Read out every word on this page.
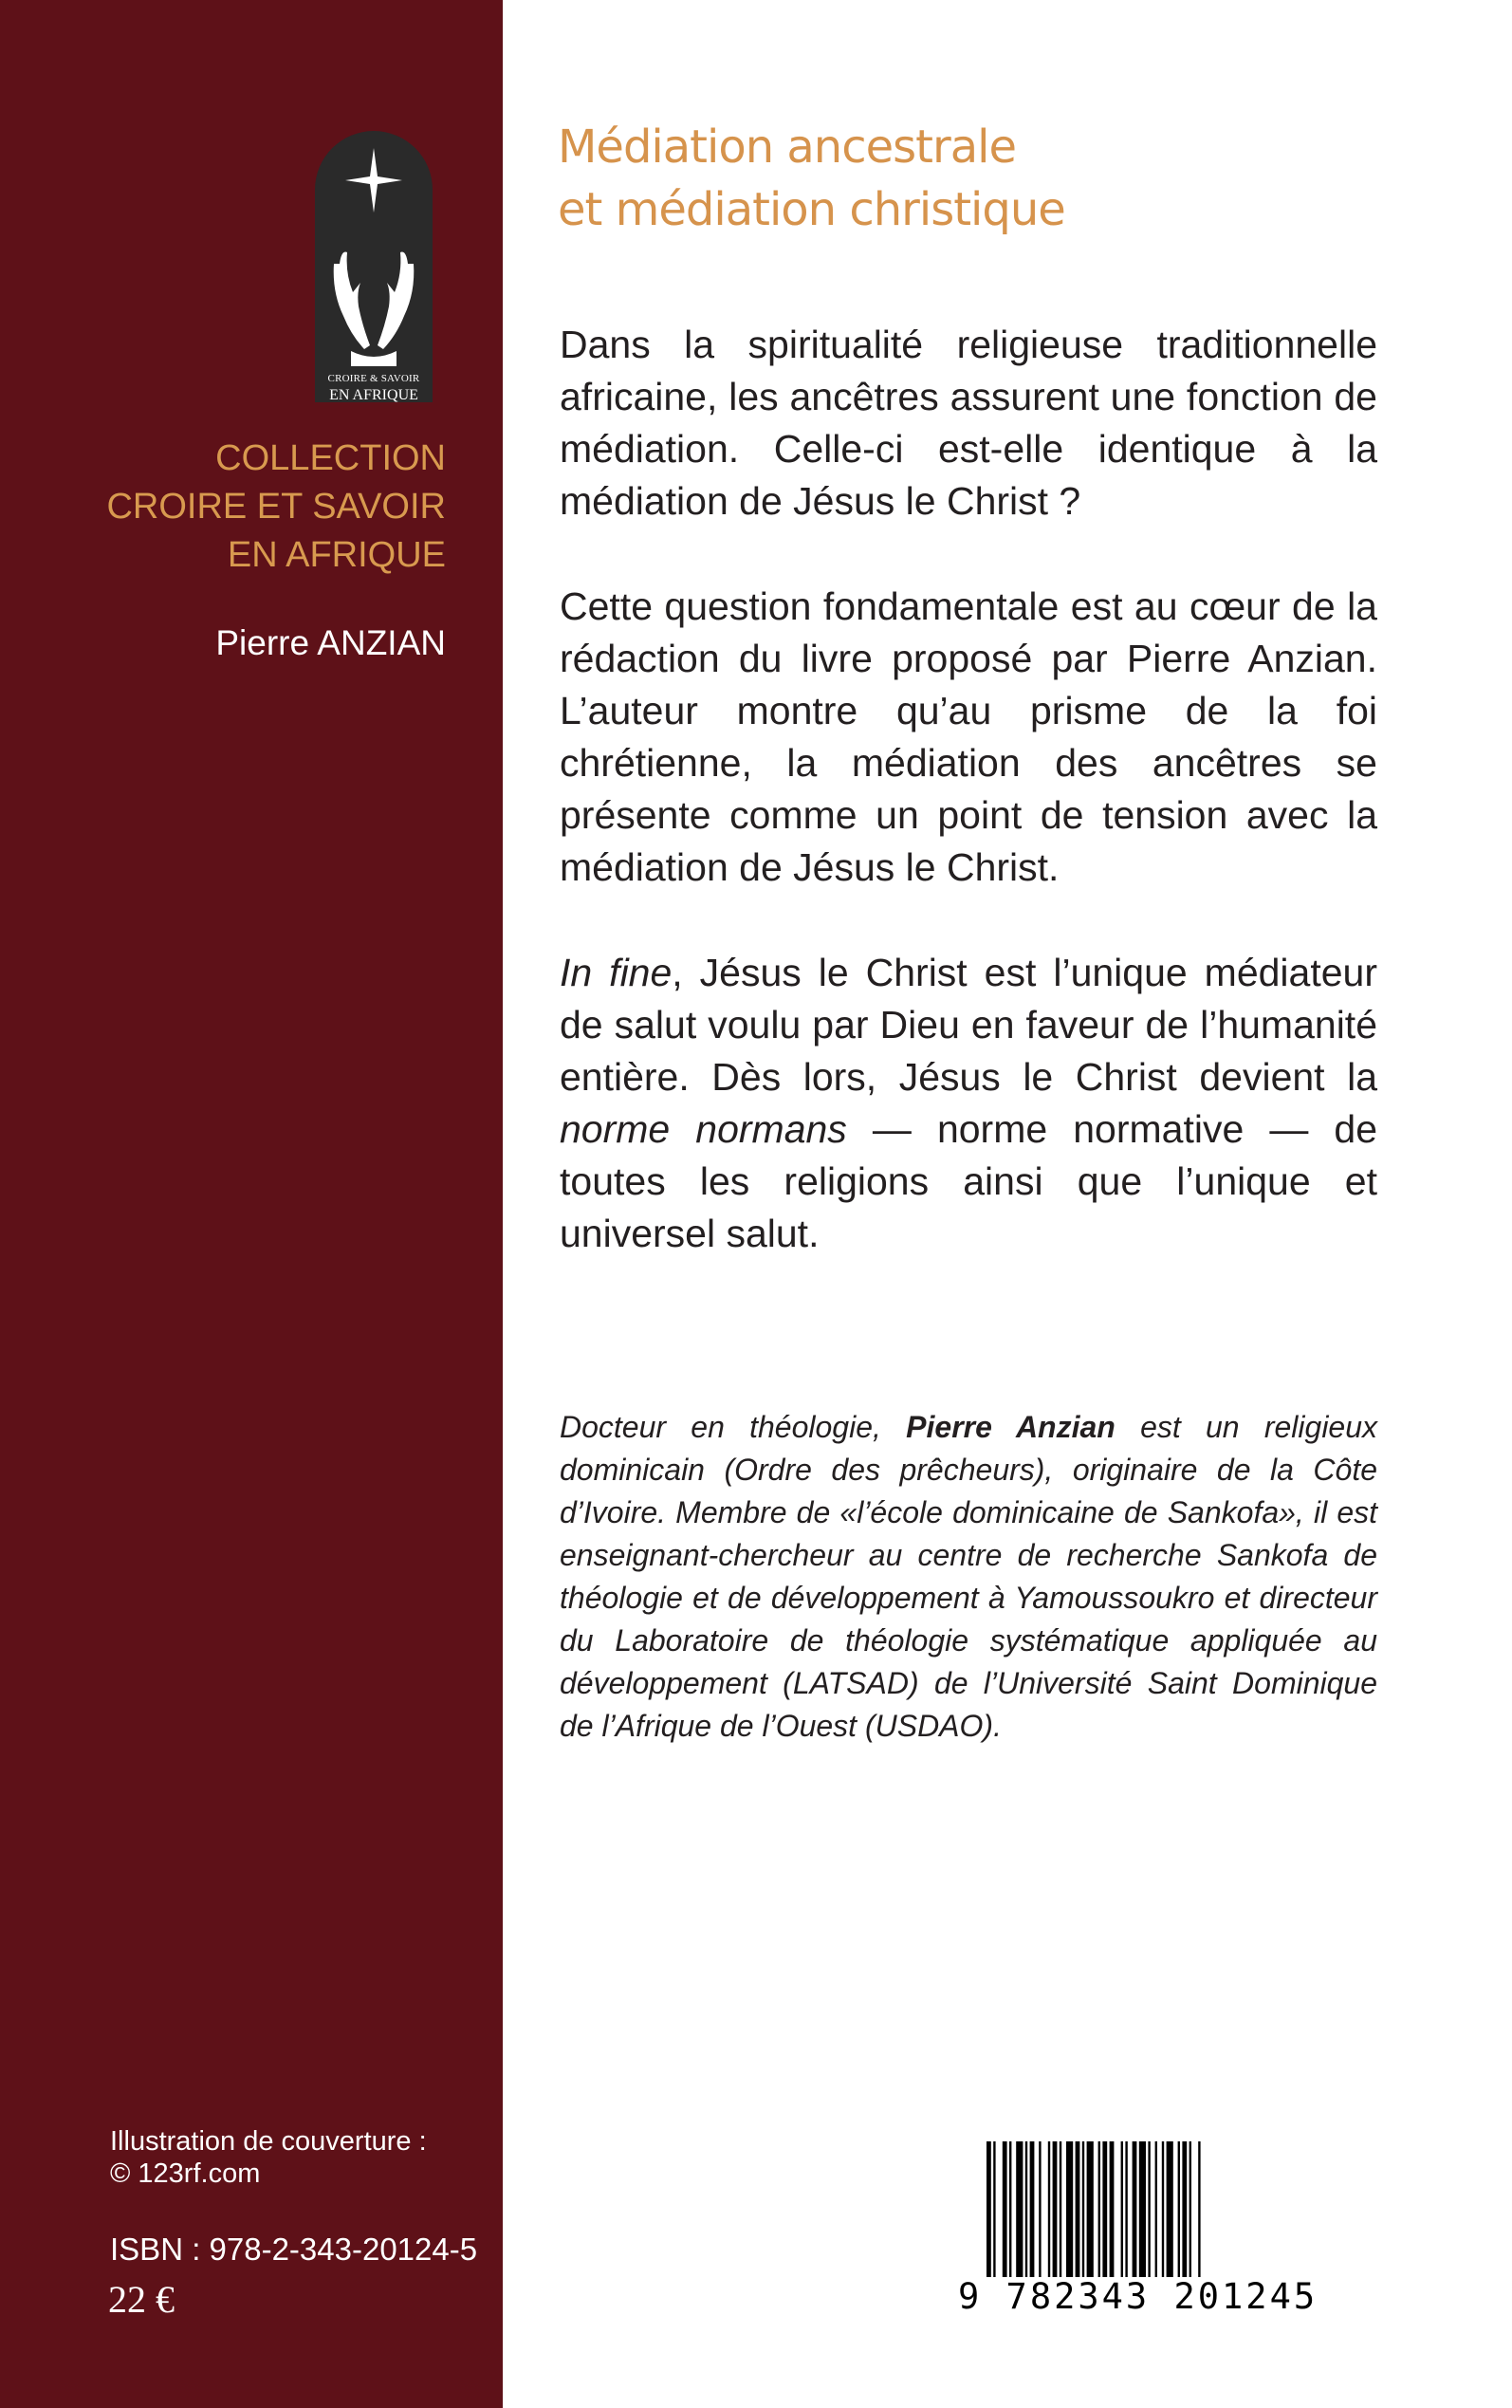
CROIRE & SAVOIR
EN AFRIQUE
COLLECTION
CROIRE ET SAVOIR
EN AFRIQUE
Pierre ANZIAN
Illustration de couverture :
© 123rf.com
ISBN : 978-2-343-20124-5
22 €
Médiation ancestrale
et médiation christique

Dans la spiritualité religieuse traditionnelle africaine, les ancêtres assurent une fonction de médiation. Celle-ci est-elle identique à la médiation de Jésus le Christ ?

Cette question fondamentale est au cœur de la rédaction du livre proposé par Pierre Anzian. L’auteur montre qu’au prisme de la foi chrétienne, la médiation des ancêtres se présente comme un point de tension avec la médiation de Jésus le Christ.

In fine, Jésus le Christ est l’unique médiateur de salut voulu par Dieu en faveur de l’humanité entière. Dès lors, Jésus le Christ devient la norme normans — norme normative — de toutes les religions ainsi que l’unique et universel salut.

Docteur en théologie, Pierre Anzian est un religieux dominicain (Ordre des prêcheurs), originaire de la Côte d’Ivoire. Membre de «l’école dominicaine de Sankofa», il est enseignant-chercheur au centre de recherche Sankofa de théologie et de développement à Yamoussoukro et directeur du Laboratoire de théologie systématique appliquée au développement (LATSAD) de l’Université Saint Dominique de l’Afrique de l’Ouest (USDAO).
9 782343 201245
